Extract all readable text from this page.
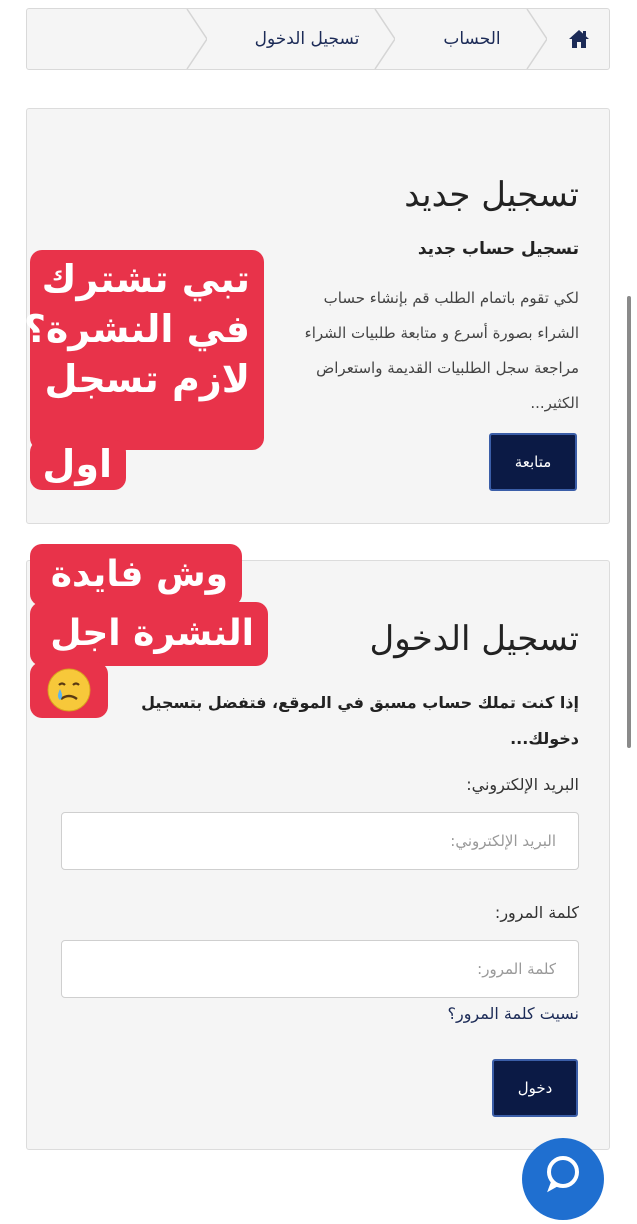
الحساب
تسجيل الدخول
تسجيل جديد
تسجيل حساب جديد
لكي تقوم باتمام الطلب قم بإنشاء حساب
الشراء بصورة أسرع و متابعة طلبيات الشراء
مراجعة سجل الطلبيات القديمة واستعراض
الكثير...
متابعة
تسجيل الدخول
إذا كنت تملك حساب مسبق في الموقع، فتفضل بتسجيل
دخولك...
البريد الإلكتروني:
البريد الإلكتروني:
كلمة المرور:
نسيت كلمة المرور؟
دخول
تبي تشترك
في النشرة؟
لازم تسجل
اول
وش فايدة
النشرة اجل
